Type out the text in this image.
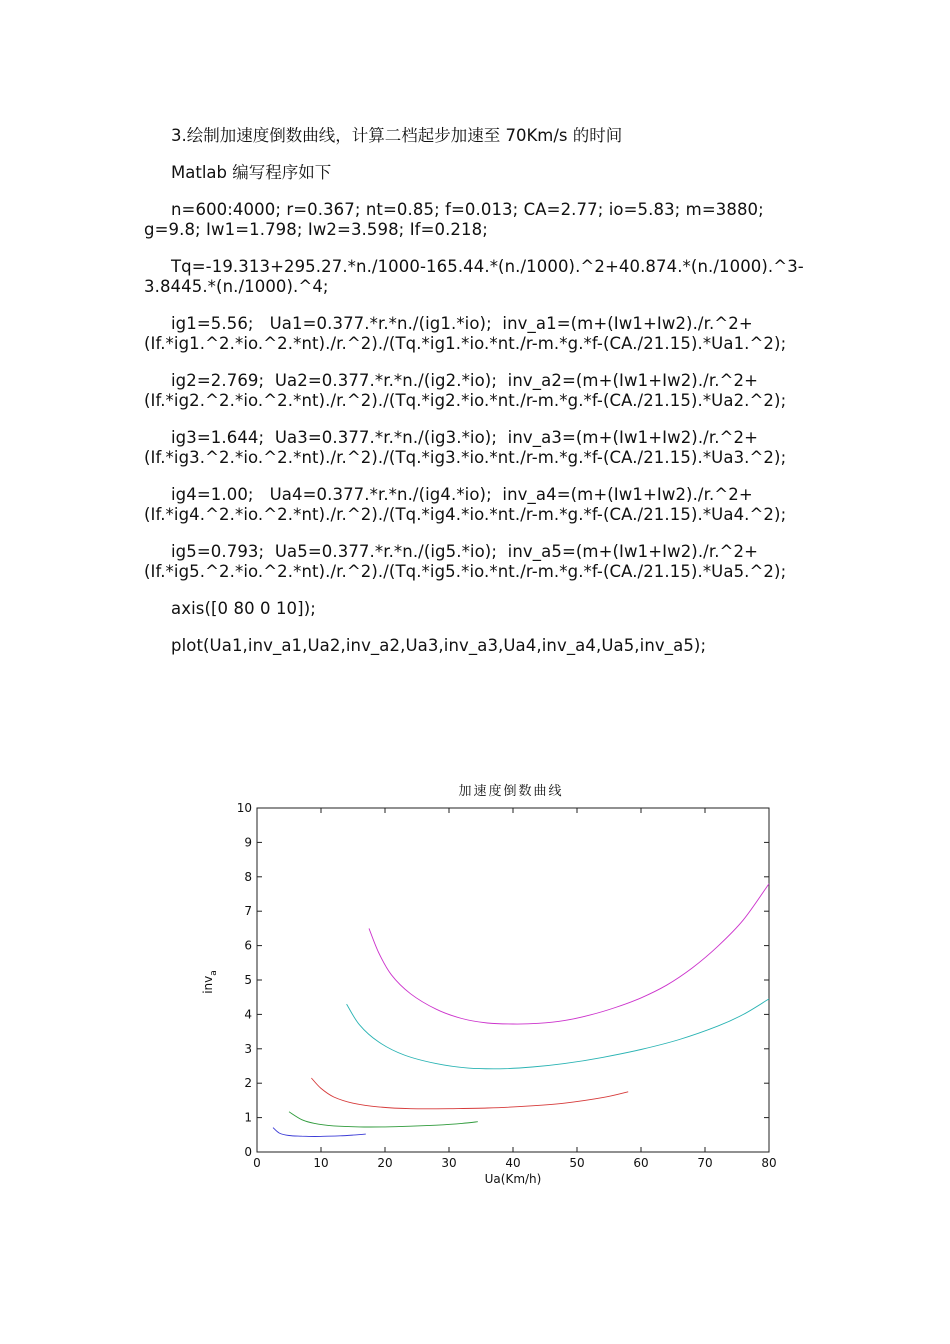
3.绘制加速度倒数曲线，计算二档起步加速至 70Km/s 的时间

Matlab 编写程序如下

n=600:4000; r=0.367; nt=0.85; f=0.013; CA=2.77; io=5.83; m=3880; g=9.8; Iw1=1.798; Iw2=3.598; If=0.218;

Tq=-19.313+295.27.*n./1000-165.44.*(n./1000).^2+40.874.*(n./1000).^3-3.8445.*(n./1000).^4;

ig1=5.56;   Ua1=0.377.*r.*n./(ig1.*io);  inv_a1=(m+(Iw1+Iw2)./r.^2+(If.*ig1.^2.*io.^2.*nt)./r.^2)./(Tq.*ig1.*io.*nt./r-m.*g.*f-(CA./21.15).*Ua1.^2);

ig2=2.769;  Ua2=0.377.*r.*n./(ig2.*io);  inv_a2=(m+(Iw1+Iw2)./r.^2+(If.*ig2.^2.*io.^2.*nt)./r.^2)./(Tq.*ig2.*io.*nt./r-m.*g.*f-(CA./21.15).*Ua2.^2);

ig3=1.644;  Ua3=0.377.*r.*n./(ig3.*io);  inv_a3=(m+(Iw1+Iw2)./r.^2+(If.*ig3.^2.*io.^2.*nt)./r.^2)./(Tq.*ig3.*io.*nt./r-m.*g.*f-(CA./21.15).*Ua3.^2);

ig4=1.00;   Ua4=0.377.*r.*n./(ig4.*io);  inv_a4=(m+(Iw1+Iw2)./r.^2+(If.*ig4.^2.*io.^2.*nt)./r.^2)./(Tq.*ig4.*io.*nt./r-m.*g.*f-(CA./21.15).*Ua4.^2);

ig5=0.793;  Ua5=0.377.*r.*n./(ig5.*io);  inv_a5=(m+(Iw1+Iw2)./r.^2+(If.*ig5.^2.*io.^2.*nt)./r.^2)./(Tq.*ig5.*io.*nt./r-m.*g.*f-(CA./21.15).*Ua5.^2);

axis([0 80 0 10]);

plot(Ua1,inv_a1,Ua2,inv_a2,Ua3,inv_a3,Ua4,inv_a4,Ua5,inv_a5);

加速度倒数曲线
0	10	20	30	40	50	60	70	80
0
1
2
3
4
5
6
7
8
9
10
Ua(Km/h)
inv$_a$
